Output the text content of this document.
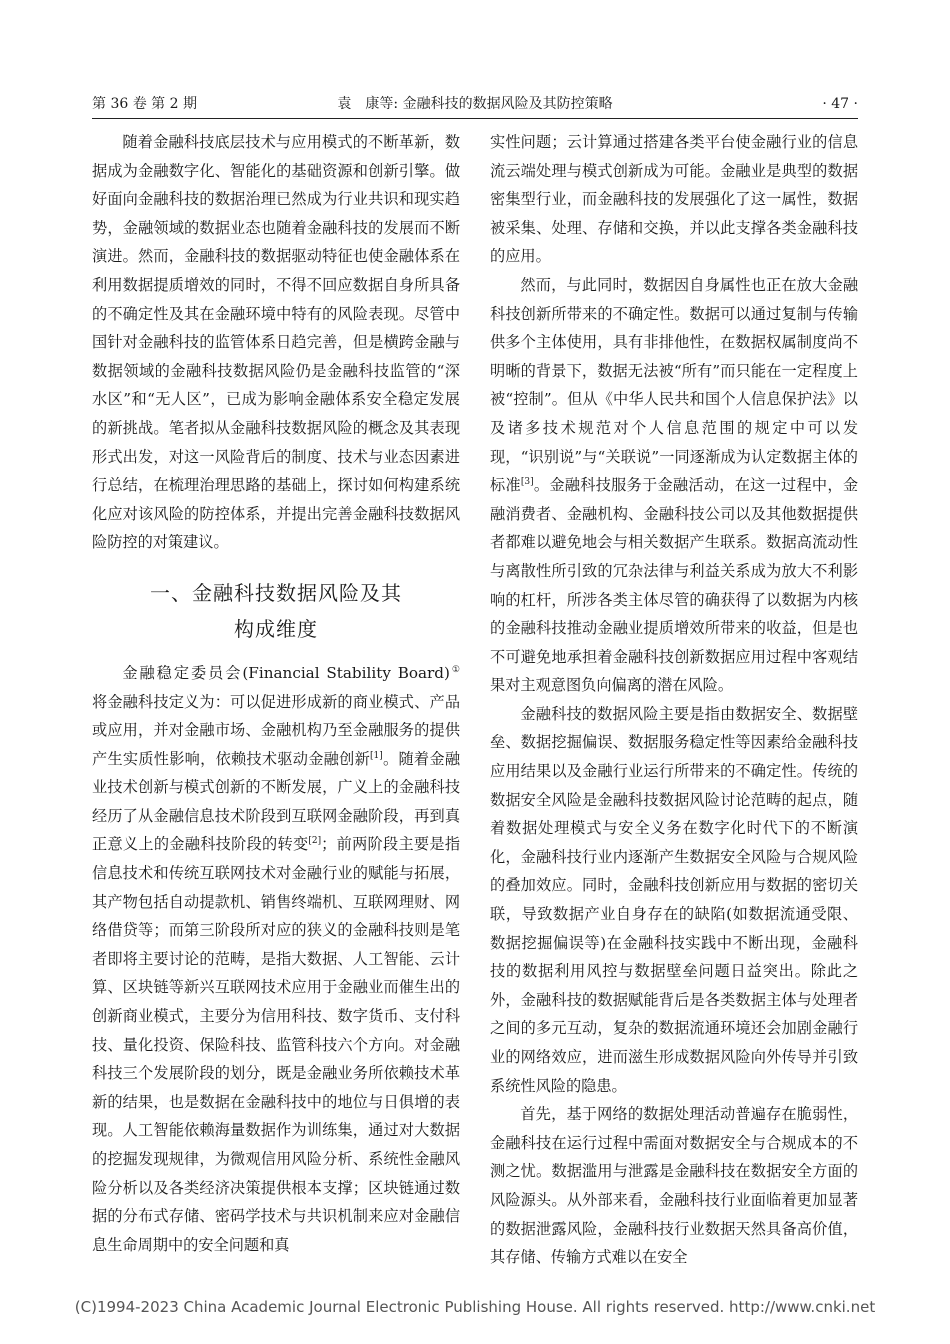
第 36 卷 第 2 期	袁　康等: 金融科技的数据风险及其防控策略	· 47 ·

随着金融科技底层技术与应用模式的不断革新，数据成为金融数字化、智能化的基础资源和创新引擎。做好面向金融科技的数据治理已然成为行业共识和现实趋势，金融领域的数据业态也随着金融科技的发展而不断演进。然而，金融科技的数据驱动特征也使金融体系在利用数据提质增效的同时，不得不回应数据自身所具备的不确定性及其在金融环境中特有的风险表现。尽管中国针对金融科技的监管体系日趋完善，但是横跨金融与数据领域的金融科技数据风险仍是金融科技监管的“深水区”和“无人区”，已成为影响金融体系安全稳定发展的新挑战。笔者拟从金融科技数据风险的概念及其表现形式出发，对这一风险背后的制度、技术与业态因素进行总结，在梳理治理思路的基础上，探讨如何构建系统化应对该风险的防控体系，并提出完善金融科技数据风险防控的对策建议。

一、金融科技数据风险及其
构成维度

金融稳定委员会(Financial Stability Board)① 将金融科技定义为：可以促进形成新的商业模式、产品或应用，并对金融市场、金融机构乃至金融服务的提供产生实质性影响，依赖技术驱动金融创新[1]。随着金融业技术创新与模式创新的不断发展，广义上的金融科技经历了从金融信息技术阶段到互联网金融阶段，再到真正意义上的金融科技阶段的转变[2]；前两阶段主要是指信息技术和传统互联网技术对金融行业的赋能与拓展，其产物包括自动提款机、销售终端机、互联网理财、网络借贷等；而第三阶段所对应的狭义的金融科技则是笔者即将主要讨论的范畴，是指大数据、人工智能、云计算、区块链等新兴互联网技术应用于金融业而催生出的创新商业模式，主要分为信用科技、数字货币、支付科技、量化投资、保险科技、监管科技六个方向。对金融科技三个发展阶段的划分，既是金融业务所依赖技术革新的结果，也是数据在金融科技中的地位与日俱增的表现。人工智能依赖海量数据作为训练集，通过对大数据的挖掘发现规律，为微观信用风险分析、系统性金融风险分析以及各类经济决策提供根本支撑；区块链通过数据的分布式存储、密码学技术与共识机制来应对金融信息生命周期中的安全问题和真

实性问题；云计算通过搭建各类平台使金融行业的信息流云端处理与模式创新成为可能。金融业是典型的数据密集型行业，而金融科技的发展强化了这一属性，数据被采集、处理、存储和交换，并以此支撑各类金融科技的应用。

然而，与此同时，数据因自身属性也正在放大金融科技创新所带来的不确定性。数据可以通过复制与传输供多个主体使用，具有非排他性，在数据权属制度尚不明晰的背景下，数据无法被“所有”而只能在一定程度上被“控制”。但从《中华人民共和国个人信息保护法》以及诸多技术规范对个人信息范围的规定中可以发现，“识别说”与“关联说”一同逐渐成为认定数据主体的标准[3]。金融科技服务于金融活动，在这一过程中，金融消费者、金融机构、金融科技公司以及其他数据提供者都难以避免地会与相关数据产生联系。数据高流动性与离散性所引致的冗杂法律与利益关系成为放大不利影响的杠杆，所涉各类主体尽管的确获得了以数据为内核的金融科技推动金融业提质增效所带来的收益，但是也不可避免地承担着金融科技创新数据应用过程中客观结果对主观意图负向偏离的潜在风险。

金融科技的数据风险主要是指由数据安全、数据壁垒、数据挖掘偏误、数据服务稳定性等因素给金融科技应用结果以及金融行业运行所带来的不确定性。传统的数据安全风险是金融科技数据风险讨论范畴的起点，随着数据处理模式与安全义务在数字化时代下的不断演化，金融科技行业内逐渐产生数据安全风险与合规风险的叠加效应。同时，金融科技创新应用与数据的密切关联，导致数据产业自身存在的缺陷(如数据流通受限、数据挖掘偏误等)在金融科技实践中不断出现，金融科技的数据利用风控与数据壁垒问题日益突出。除此之外，金融科技的数据赋能背后是各类数据主体与处理者之间的多元互动，复杂的数据流通环境还会加剧金融行业的网络效应，进而滋生形成数据风险向外传导并引致系统性风险的隐患。

首先，基于网络的数据处理活动普遍存在脆弱性，金融科技在运行过程中需面对数据安全与合规成本的不测之忧。数据滥用与泄露是金融科技在数据安全方面的风险源头。从外部来看，金融科技行业面临着更加显著的数据泄露风险，金融科技行业数据天然具备高价值，其存储、传输方式难以在安全

(C)1994-2023 China Academic Journal Electronic Publishing House. All rights reserved. http://www.cnki.net
